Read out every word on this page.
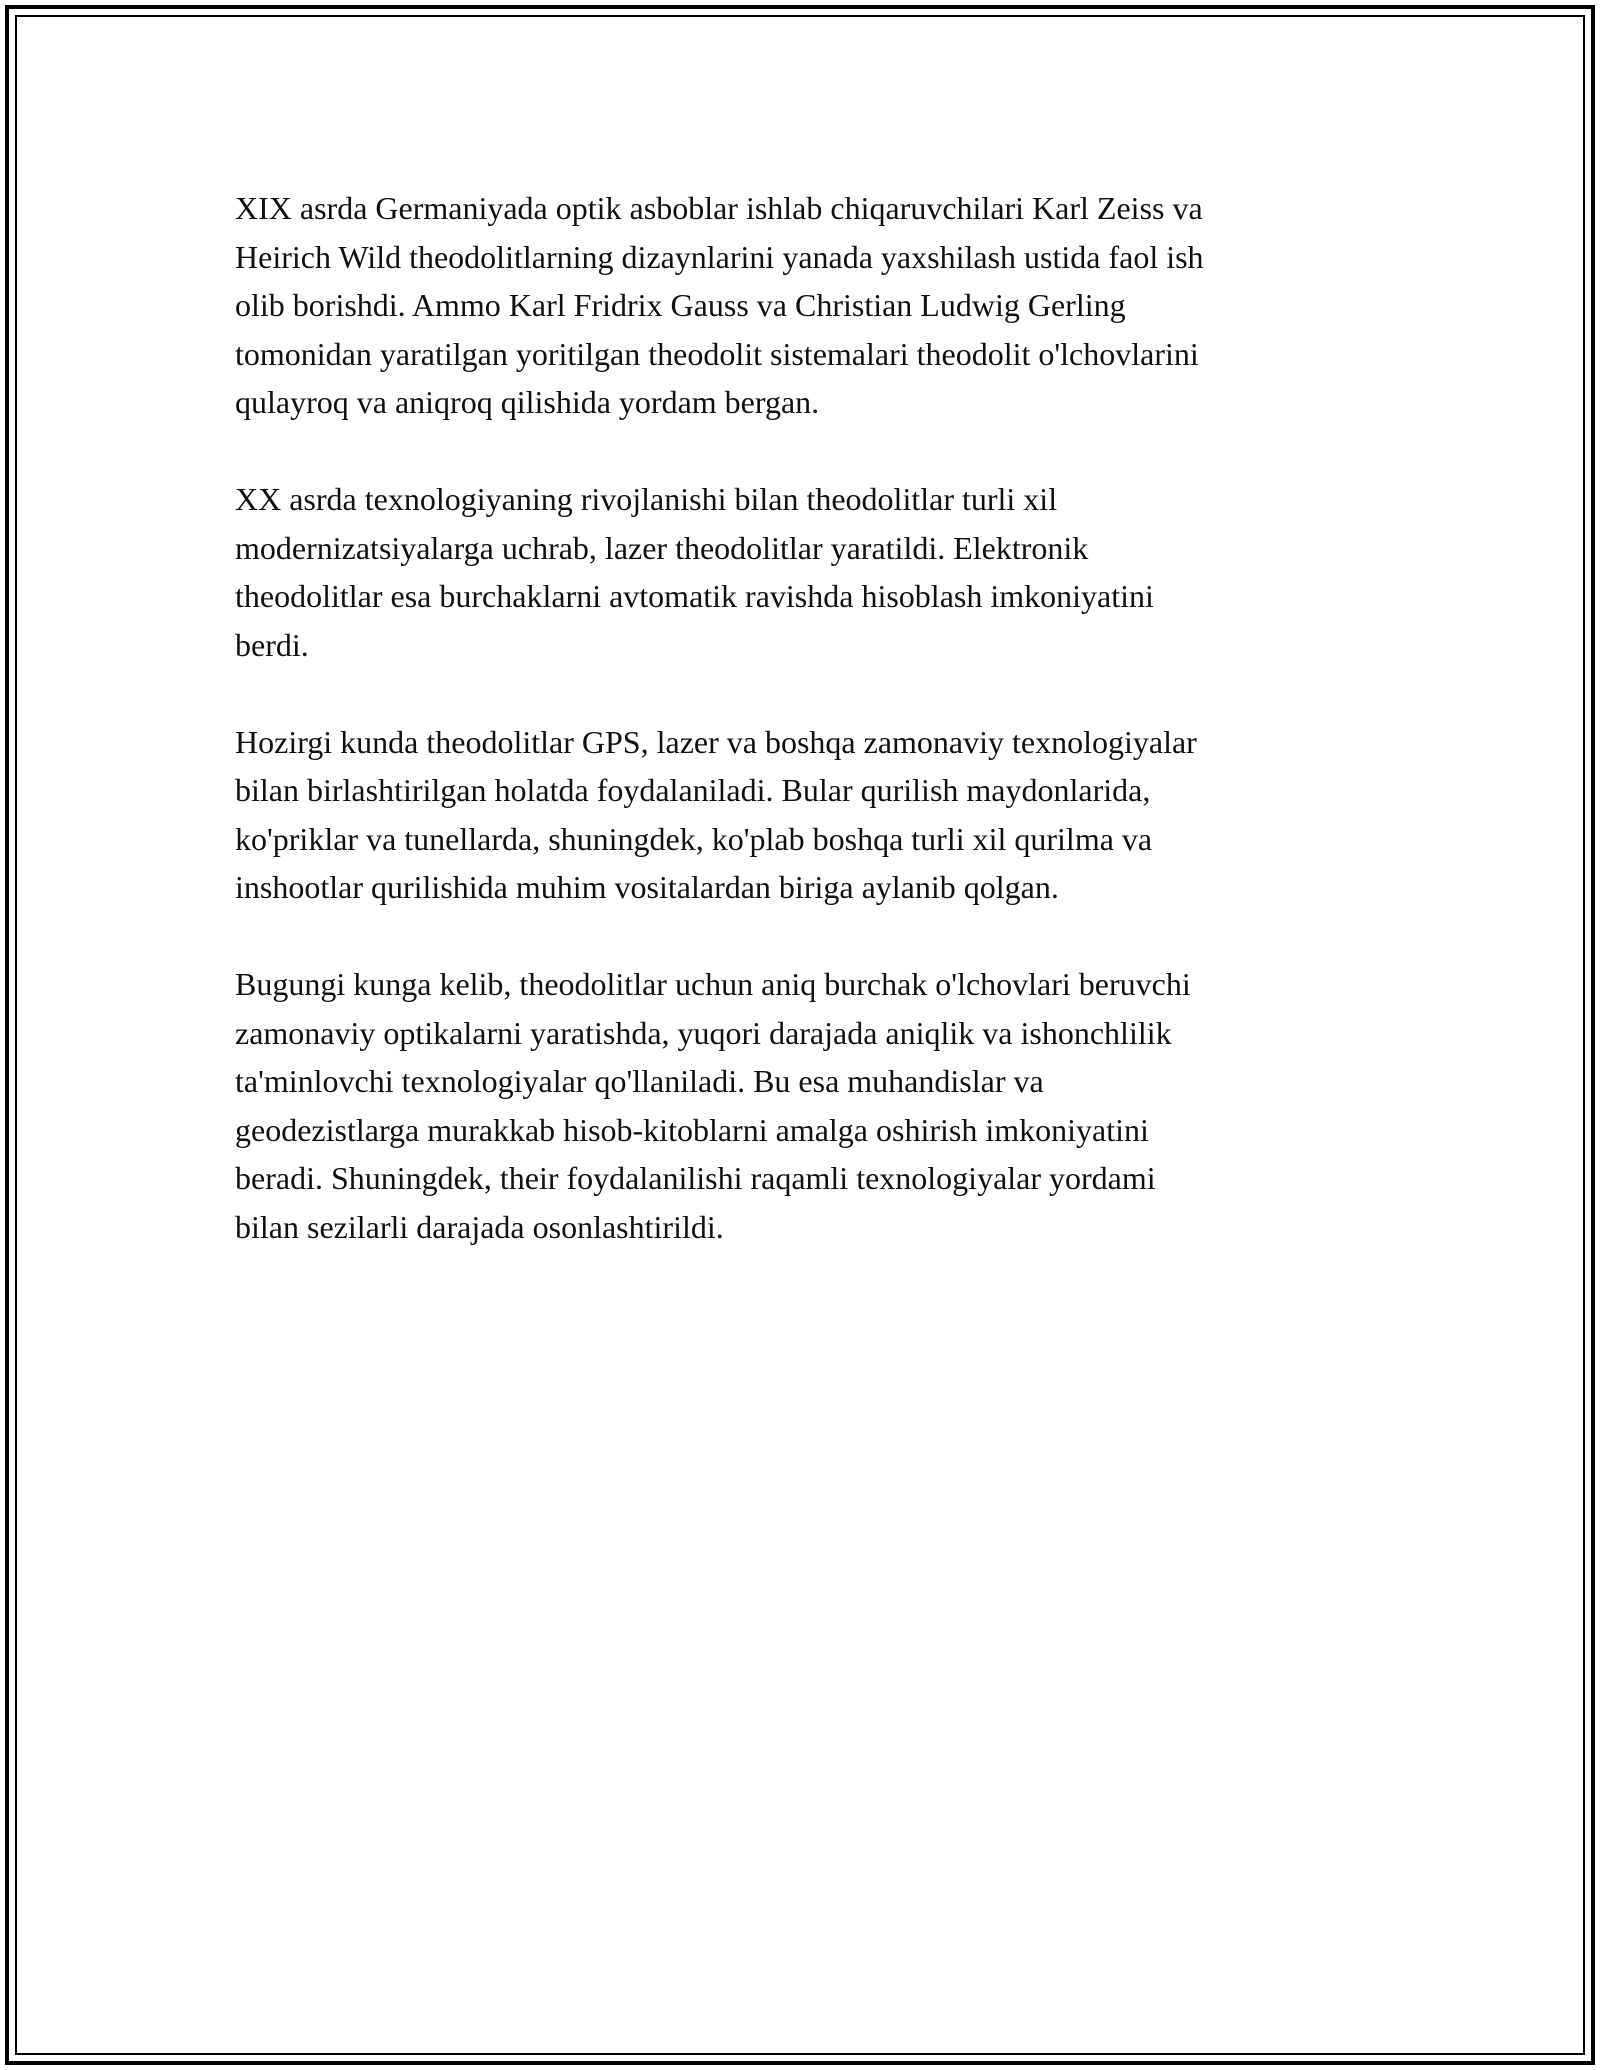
XIX asrda Germaniyada optik asboblar ishlab chiqaruvchilari Karl Zeiss va
Heirich Wild theodolitlarning dizaynlarini yanada yaxshilash ustida faol ish
olib borishdi. Ammo Karl Fridrix Gauss va Christian Ludwig Gerling
tomonidan yaratilgan yoritilgan theodolit sistemalari theodolit o'lchovlarini
qulayroq va aniqroq qilishida yordam bergan.

XX asrda texnologiyaning rivojlanishi bilan theodolitlar turli xil
modernizatsiyalarga uchrab, lazer theodolitlar yaratildi. Elektronik
theodolitlar esa burchaklarni avtomatik ravishda hisoblash imkoniyatini
berdi.

Hozirgi kunda theodolitlar GPS, lazer va boshqa zamonaviy texnologiyalar
bilan birlashtirilgan holatda foydalaniladi. Bular qurilish maydonlarida,
ko'priklar va tunellarda, shuningdek, ko'plab boshqa turli xil qurilma va
inshootlar qurilishida muhim vositalardan biriga aylanib qolgan.

Bugungi kunga kelib, theodolitlar uchun aniq burchak o'lchovlari beruvchi
zamonaviy optikalarni yaratishda, yuqori darajada aniqlik va ishonchlilik
ta'minlovchi texnologiyalar qo'llaniladi. Bu esa muhandislar va
geodezistlarga murakkab hisob-kitoblarni amalga oshirish imkoniyatini
beradi. Shuningdek, their foydalanilishi raqamli texnologiyalar yordami
bilan sezilarli darajada osonlashtirildi.
